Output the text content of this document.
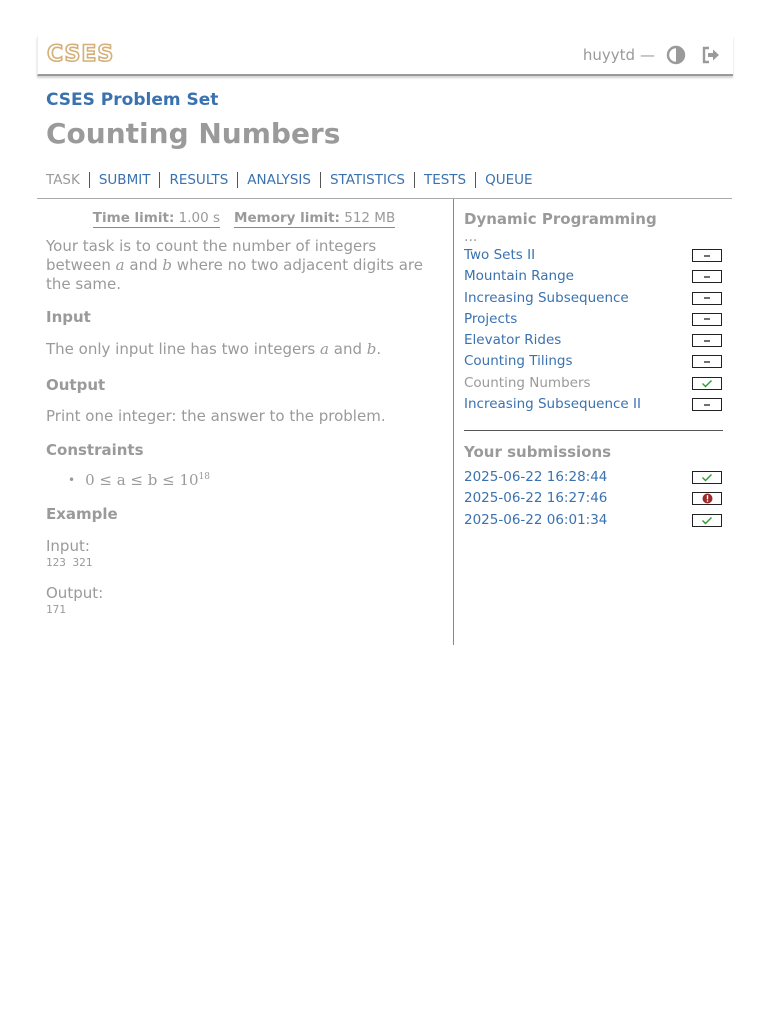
CSES	huyytd —
CSES Problem Set
Counting Numbers
TASK SUBMIT RESULTS ANALYSIS STATISTICS TESTS QUEUE
Time limit: 1.00 s Memory limit: 512 MB

Your task is to count the number of integers between a and b where no two adjacent digits are the same.

Input

The only input line has two integers a and b.

Output

Print one integer: the answer to the problem.

Constraints
• $0 \le a \le b \le 10^{18}$
Example

Input:

123 321

Output:

171
Dynamic Programming
...
Two Sets II
Mountain Range
Increasing Subsequence
Projects
Elevator Rides
Counting Tilings
Counting Numbers
Increasing Subsequence II
Your submissions
2025-06-22 16:28:44
2025-06-22 16:27:46
2025-06-22 06:01:34
